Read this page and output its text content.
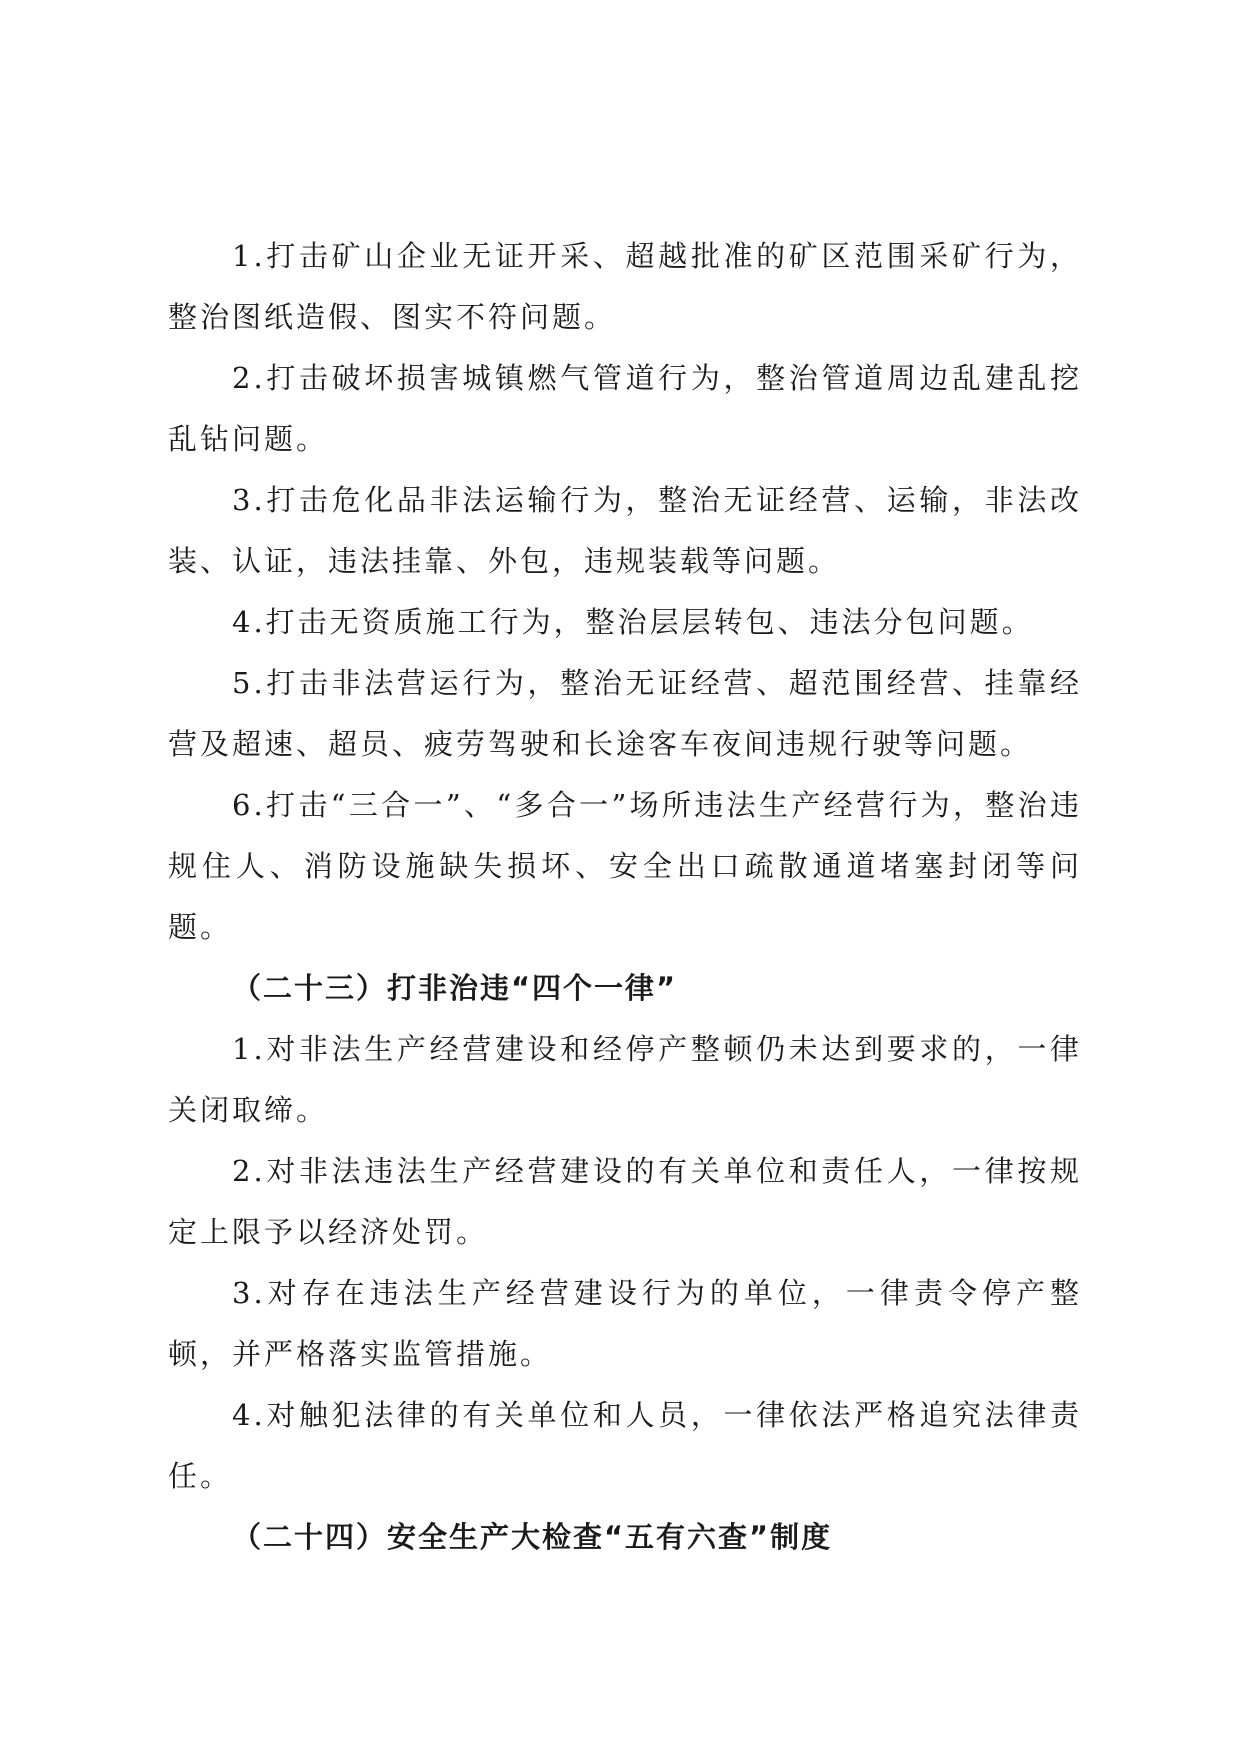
1.打击矿山企业无证开采、超越批准的矿区范围采矿行为，整治图纸造假、图实不符问题。

2.打击破坏损害城镇燃气管道行为，整治管道周边乱建乱挖乱钻问题。

3.打击危化品非法运输行为，整治无证经营、运输，非法改装、认证，违法挂靠、外包，违规装载等问题。

4.打击无资质施工行为，整治层层转包、违法分包问题。

5.打击非法营运行为，整治无证经营、超范围经营、挂靠经营及超速、超员、疲劳驾驶和长途客车夜间违规行驶等问题。

6.打击“三合一”、“多合一”场所违法生产经营行为，整治违规住人、消防设施缺失损坏、安全出口疏散通道堵塞封闭等问题。

（二十三）打非治违“四个一律”

1.对非法生产经营建设和经停产整顿仍未达到要求的，一律关闭取缔。

2.对非法违法生产经营建设的有关单位和责任人，一律按规定上限予以经济处罚。

3.对存在违法生产经营建设行为的单位，一律责令停产整顿，并严格落实监管措施。

4.对触犯法律的有关单位和人员，一律依法严格追究法律责任。

（二十四）安全生产大检查“五有六查”制度
